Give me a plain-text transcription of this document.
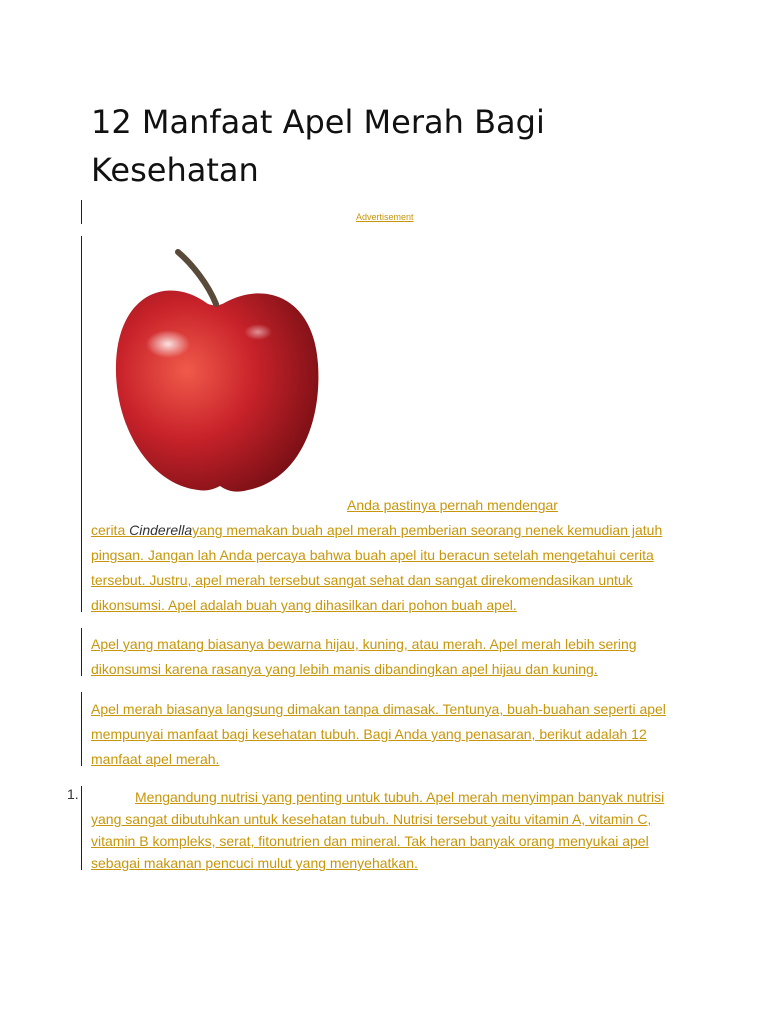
12 Manfaat Apel Merah Bagi Kesehatan
Advertisement

Anda pastinya pernah mendengar
cerita Cinderellayang memakan buah apel merah pemberian seorang nenek kemudian jatuh pingsan. Jangan lah Anda percaya bahwa buah apel itu beracun setelah mengetahui cerita tersebut. Justru, apel merah tersebut sangat sehat dan sangat direkomendasikan untuk dikonsumsi. Apel adalah buah yang dihasilkan dari pohon buah apel.

Apel yang matang biasanya bewarna hijau, kuning, atau merah. Apel merah lebih sering dikonsumsi karena rasanya yang lebih manis dibandingkan apel hijau dan kuning.

Apel merah biasanya langsung dimakan tanpa dimasak. Tentunya, buah-buahan seperti apel mempunyai manfaat bagi kesehatan tubuh. Bagi Anda yang penasaran, berikut adalah 12 manfaat apel merah.

1.	Mengandung nutrisi yang penting untuk tubuh. Apel merah menyimpan banyak nutrisi yang sangat dibutuhkan untuk kesehatan tubuh. Nutrisi tersebut yaitu vitamin A, vitamin C, vitamin B kompleks, serat, fitonutrien dan mineral. Tak heran banyak orang menyukai apel sebagai makanan pencuci mulut yang menyehatkan.
